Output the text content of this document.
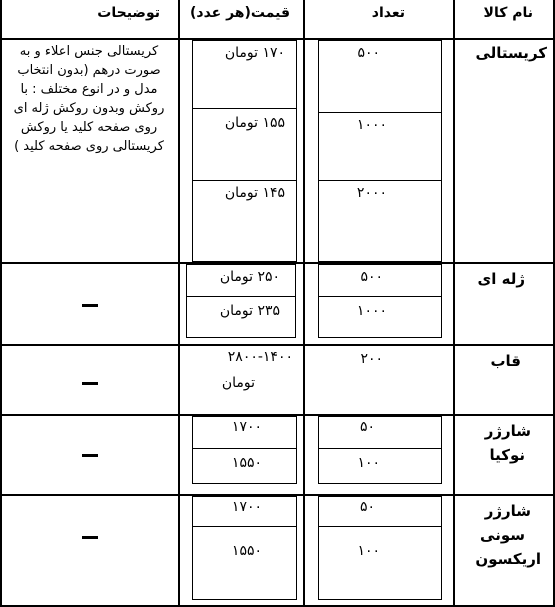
نام کالا
تعداد
قیمت(هر عدد)
توضیحات
کریستالی
۵۰۰
۱۰۰۰
۲۰۰۰
۱۷۰ تومان
۱۵۵ تومان
۱۴۵ تومان
کریستالی جنس اعلاء و به صورت درهم (بدون انتخاب مدل و در انوع مختلف : با روکش وبدون روکش ژله ای روی صفحه کلید یا روکش کریستالی روی صفحه کلید )
ژله ای
۵۰۰
۱۰۰۰
۲۵۰ تومان
۲۳۵ تومان
قاب
۲۰۰
۲۸۰۰-۱۴۰۰
تومان
شارژر
نوکیا
۵۰
۱۰۰
۱۷۰۰
۱۵۵۰
شارژر
سونی
اریکسون
۵۰
۱۰۰
۱۷۰۰
۱۵۵۰
